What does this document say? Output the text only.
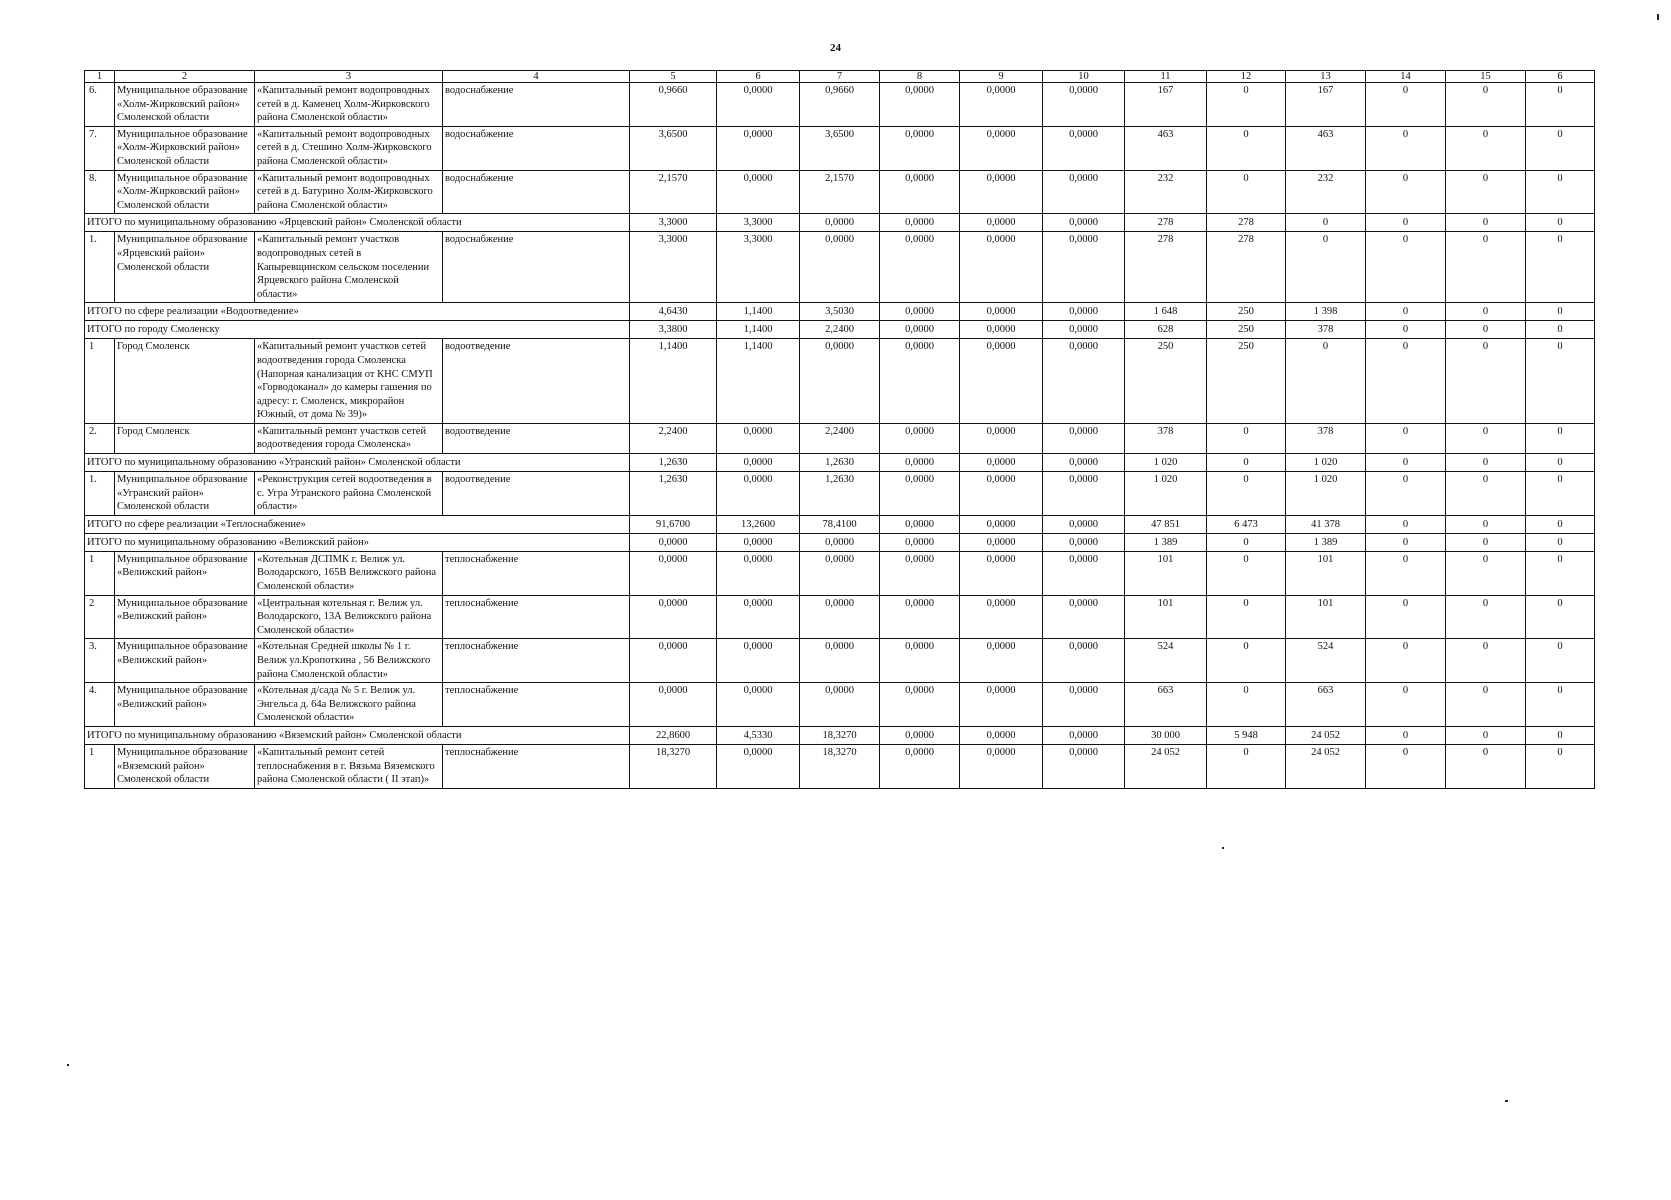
24
1	2	3	4	5	6	7	8	9	10	11	12	13	14	15	6
6.	Муниципальное образование «Холм-Жирковский район» Смоленской области	«Капитальный ремонт водопроводных сетей в д. Каменец Холм-Жирковского района Смоленской области»	водоснабжение	0,9660	0,0000	0,9660	0,0000	0,0000	0,0000	167	0	167	0	0	0
7.	Муниципальное образование «Холм-Жирковский район» Смоленской области	«Капитальный ремонт водопроводных сетей в д. Стешино Холм-Жирковского района Смоленской области»	водоснабжение	3,6500	0,0000	3,6500	0,0000	0,0000	0,0000	463	0	463	0	0	0
8.	Муниципальное образование «Холм-Жирковский район» Смоленской области	«Капитальный ремонт водопроводных сетей в д. Батурино Холм-Жирковского района Смоленской области»	водоснабжение	2,1570	0,0000	2,1570	0,0000	0,0000	0,0000	232	0	232	0	0	0
ИТОГО по муниципальному образованию «Ярцевский район» Смоленской области				3,3000	3,3000	0,0000	0,0000	0,0000	0,0000	278	278	0	0	0	0
1.	Муниципальное образование «Ярцевский район» Смоленской области	«Капитальный ремонт участков водопроводных сетей в Капыревщинском сельском поселении Ярцевского района Смоленской области»	водоснабжение	3,3000	3,3000	0,0000	0,0000	0,0000	0,0000	278	278	0	0	0	0
ИТОГО по сфере реализации «Водоотведение»				4,6430	1,1400	3,5030	0,0000	0,0000	0,0000	1 648	250	1 398	0	0	0
ИТОГО по городу Смоленску				3,3800	1,1400	2,2400	0,0000	0,0000	0,0000	628	250	378	0	0	0
1	Город Смоленск	«Капитальный ремонт участков сетей водоотведения города Смоленска (Напорная канализация от КНС СМУП «Горводоканал» до камеры гашения по адресу: г. Смоленск, микрорайон Южный, от дома № 39)»	водоотведение	1,1400	1,1400	0,0000	0,0000	0,0000	0,0000	250	250	0	0	0	0
2.	Город Смоленск	«Капитальный ремонт участков сетей водоотведения города Смоленска»	водоотведение	2,2400	0,0000	2,2400	0,0000	0,0000	0,0000	378	0	378	0	0	0
ИТОГО по муниципальному образованию «Угранский район» Смоленской области				1,2630	0,0000	1,2630	0,0000	0,0000	0,0000	1 020	0	1 020	0	0	0
1.	Муниципальное образование «Угранский район» Смоленской области	«Реконструкция сетей водоотведения в с. Угра Угранского района Смоленской области»	водоотведение	1,2630	0,0000	1,2630	0,0000	0,0000	0,0000	1 020	0	1 020	0	0	0
ИТОГО по сфере реализации «Теплоснабжение»				91,6700	13,2600	78,4100	0,0000	0,0000	0,0000	47 851	6 473	41 378	0	0	0
ИТОГО по муниципальному образованию «Велижский район»				0,0000	0,0000	0,0000	0,0000	0,0000	0,0000	1 389	0	1 389	0	0	0
1	Муниципальное образование «Велижский район»	«Котельная ДСПМК г. Велиж ул. Володарского, 165В Велижского района Смоленской области»	теплоснабжение	0,0000	0,0000	0,0000	0,0000	0,0000	0,0000	101	0	101	0	0	0
2	Муниципальное образование «Велижский район»	«Центральная котельная г. Велиж ул. Володарского, 13А Велижского района Смоленской области»	теплоснабжение	0,0000	0,0000	0,0000	0,0000	0,0000	0,0000	101	0	101	0	0	0
3.	Муниципальное образование «Велижский район»	«Котельная Средней школы № 1 г. Велиж ул.Кропоткина , 56 Велижского района Смоленской области»	теплоснабжение	0,0000	0,0000	0,0000	0,0000	0,0000	0,0000	524	0	524	0	0	0
4.	Муниципальное образование «Велижский район»	«Котельная д/сада № 5 г. Велиж ул. Энгельса д. 64а Велижского района Смоленской области»	теплоснабжение	0,0000	0,0000	0,0000	0,0000	0,0000	0,0000	663	0	663	0	0	0
ИТОГО по муниципальному образованию «Вяземский район» Смоленской области				22,8600	4,5330	18,3270	0,0000	0,0000	0,0000	30 000	5 948	24 052	0	0	0
1	Муниципальное образование «Вяземский район» Смоленской области	«Капитальный ремонт сетей теплоснабжения в г. Вязьма Вяземского района Смоленской области ( II этап)»	теплоснабжение	18,3270	0,0000	18,3270	0,0000	0,0000	0,0000	24 052	0	24 052	0	0	0
